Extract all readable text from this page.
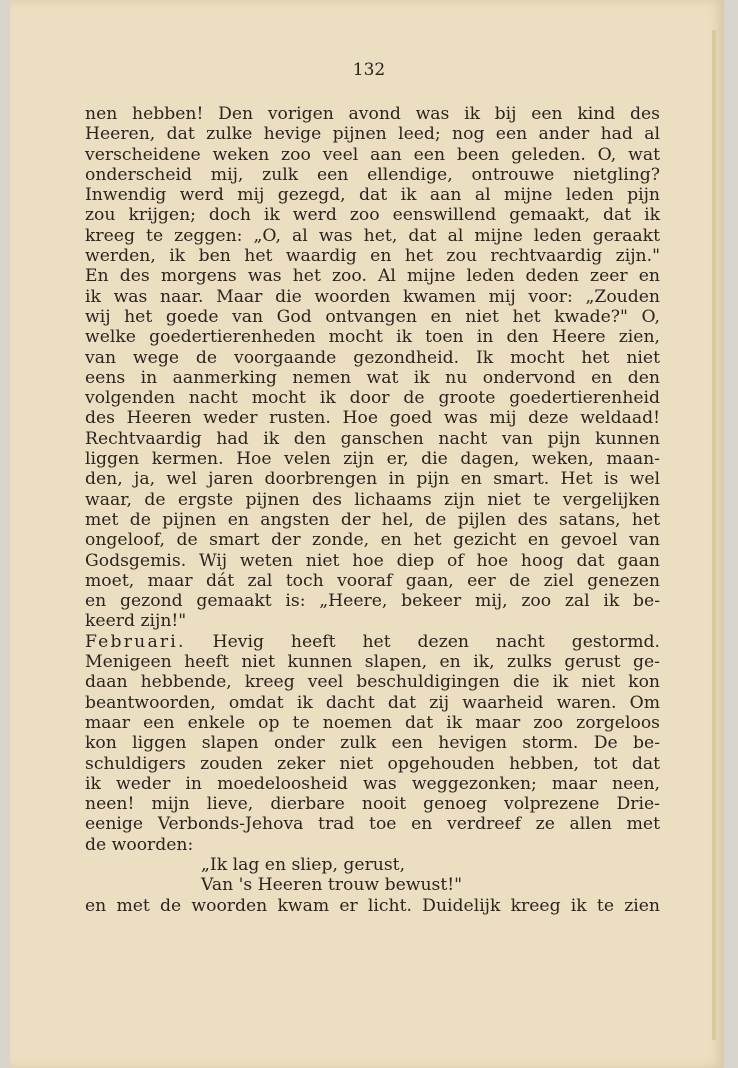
132
nen hebben! Den vorigen avond was ik bij een kind des
Heeren, dat zulke hevige pijnen leed; nog een ander had al
verscheidene weken zoo veel aan een been geleden. O, wat
onderscheid mij, zulk een ellendige, ontrouwe nietgling?
Inwendig werd mij gezegd, dat ik aan al mijne leden pijn
zou krijgen; doch ik werd zoo eenswillend gemaakt, dat ik
kreeg te zeggen: „O, al was het, dat al mijne leden geraakt
werden, ik ben het waardig en het zou rechtvaardig zijn."
En des morgens was het zoo. Al mijne leden deden zeer en
ik was naar. Maar die woorden kwamen mij voor: „Zouden
wij het goede van God ontvangen en niet het kwade?" O,
welke goedertierenheden mocht ik toen in den Heere zien,
van wege de voorgaande gezondheid. Ik mocht het niet
eens in aanmerking nemen wat ik nu ondervond en den
volgenden nacht mocht ik door de groote goedertierenheid
des Heeren weder rusten. Hoe goed was mij deze weldaad!
Rechtvaardig had ik den ganschen nacht van pijn kunnen
liggen kermen. Hoe velen zijn er, die dagen, weken, maan-
den, ja, wel jaren doorbrengen in pijn en smart. Het is wel
waar, de ergste pijnen des lichaams zijn niet te vergelijken
met de pijnen en angsten der hel, de pijlen des satans, het
ongeloof, de smart der zonde, en het gezicht en gevoel van
Godsgemis. Wij weten niet hoe diep of hoe hoog dat gaan
moet, maar dát zal toch vooraf gaan, eer de ziel genezen
en gezond gemaakt is: „Heere, bekeer mij, zoo zal ik be-
keerd zijn!"
Februari. Hevig heeft het dezen nacht gestormd.
Menigeen heeft niet kunnen slapen, en ik, zulks gerust ge-
daan hebbende, kreeg veel beschuldigingen die ik niet kon
beantwoorden, omdat ik dacht dat zij waarheid waren. Om
maar een enkele op te noemen dat ik maar zoo zorgeloos
kon liggen slapen onder zulk een hevigen storm. De be-
schuldigers zouden zeker niet opgehouden hebben, tot dat
ik weder in moedeloosheid was weggezonken; maar neen,
neen! mijn lieve, dierbare nooit genoeg volprezene Drie-
eenige Verbonds-Jehova trad toe en verdreef ze allen met
de woorden:
„Ik lag en sliep, gerust,
Van 's Heeren trouw bewust!"
en met de woorden kwam er licht. Duidelijk kreeg ik te zien
